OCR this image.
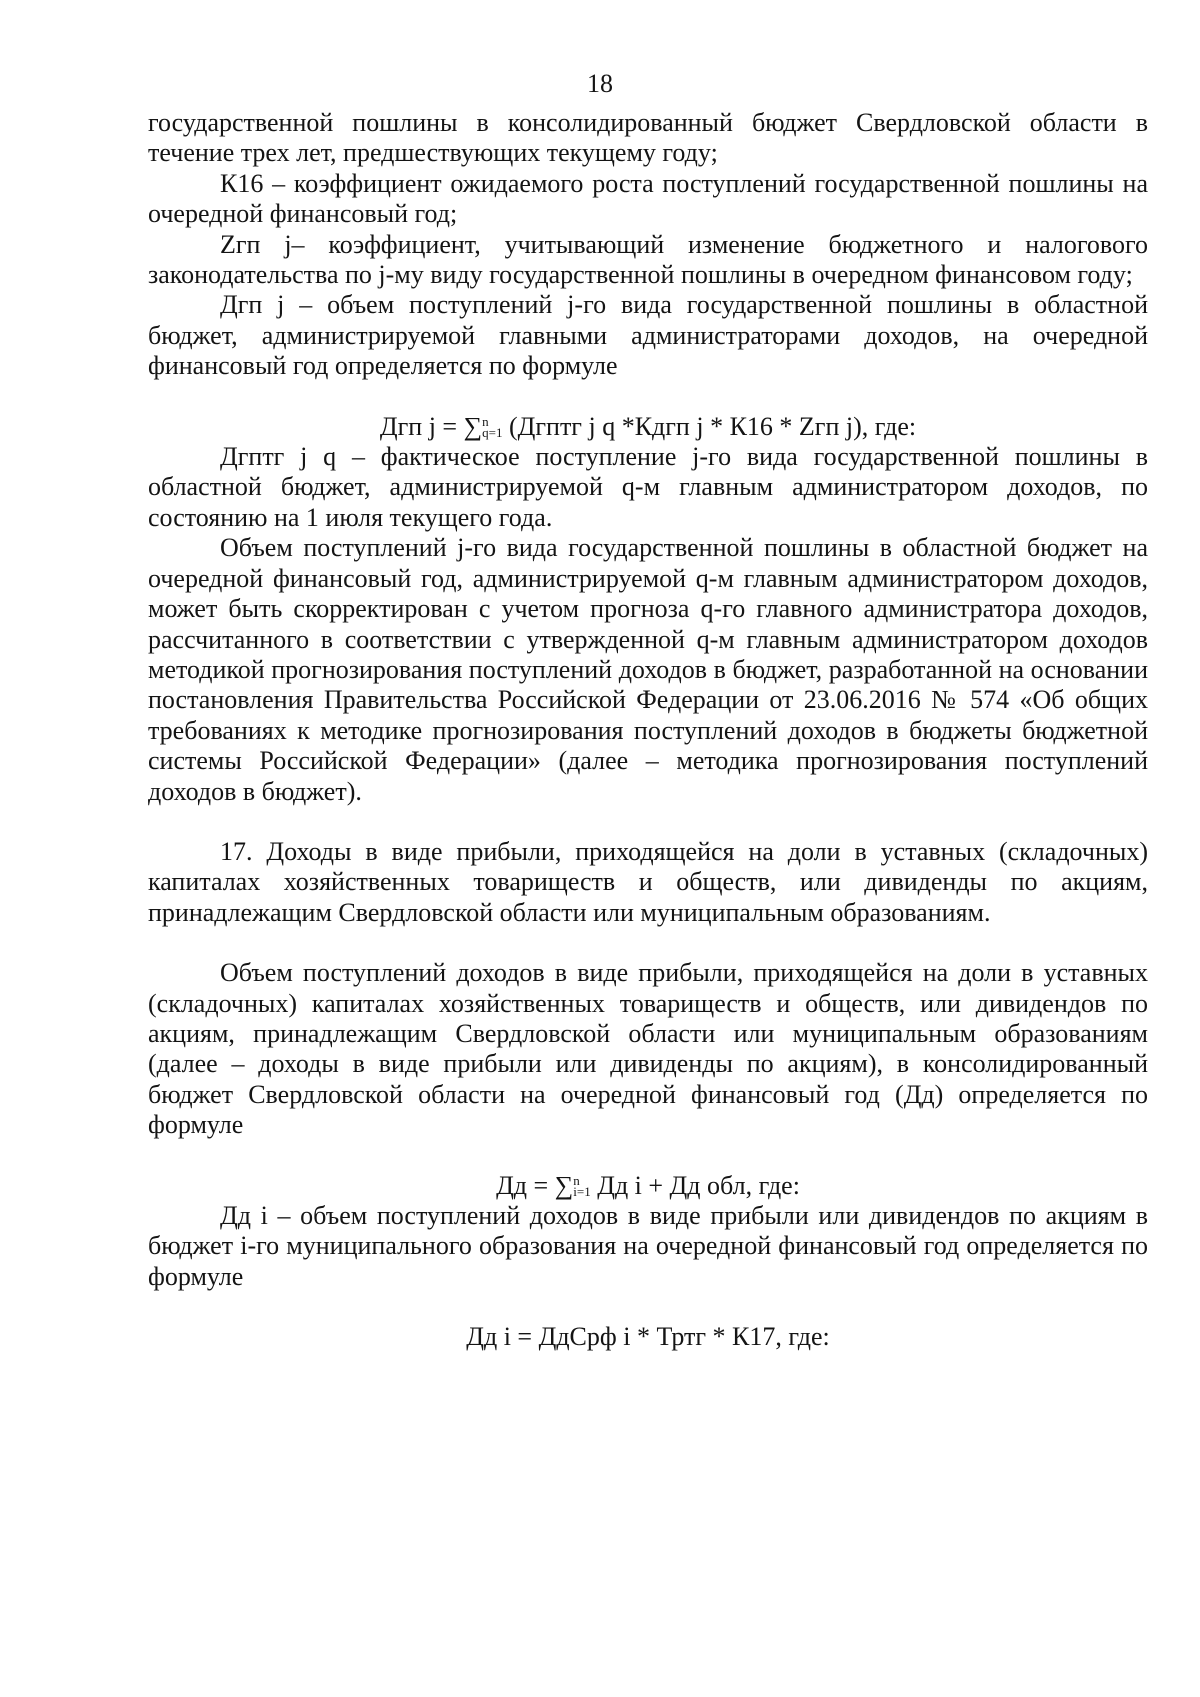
18

государственной пошлины в консолидированный бюджет Свердловской области в течение трех лет, предшествующих текущему году;

К16 – коэффициент ожидаемого роста поступлений государственной пошлины на очередной финансовый год;

Zгп j– коэффициент, учитывающий изменение бюджетного и налогового законодательства по j-му виду государственной пошлины в очередном финансовом году;

Дгп j – объем поступлений j-го вида государственной пошлины в областной бюджет, администрируемой главными администраторами доходов, на очередной финансовый год определяется по формуле

Дгп j = ∑ n
q=1 (Дгптг j q *Кдгп j * К16 * Zгп j), где:

Дгптг j q – фактическое поступление j-го вида государственной пошлины в областной бюджет, администрируемой q-м главным администратором доходов, по состоянию на 1 июля текущего года.

Объем поступлений j-го вида государственной пошлины в областной бюджет на очередной финансовый год, администрируемой q-м главным администратором доходов, может быть скорректирован с учетом прогноза q-го главного администратора доходов, рассчитанного в соответствии с утвержденной q-м главным администратором доходов методикой прогнозирования поступлений доходов в бюджет, разработанной на основании постановления Правительства Российской Федерации от 23.06.2016 № 574 «Об общих требованиях к методике прогнозирования поступлений доходов в бюджеты бюджетной системы Российской Федерации» (далее – методика прогнозирования поступлений доходов в бюджет).

17. Доходы в виде прибыли, приходящейся на доли в уставных (складочных) капиталах хозяйственных товариществ и обществ, или дивиденды по акциям, принадлежащим Свердловской области или муниципальным образованиям.

Объем поступлений доходов в виде прибыли, приходящейся на доли в уставных (складочных) капиталах хозяйственных товариществ и обществ, или дивидендов по акциям, принадлежащим Свердловской области или муниципальным образованиям (далее – доходы в виде прибыли или дивиденды по акциям), в консолидированный бюджет Свердловской области на очередной финансовый год (Дд) определяется по формуле

Дд = ∑ n
i=1 Дд i + Дд обл, где:

Дд i – объем поступлений доходов в виде прибыли или дивидендов по акциям в бюджет i-го муниципального образования на очередной финансовый год определяется по формуле

Дд i = ДдСрф i * Тртг * К17, где:
